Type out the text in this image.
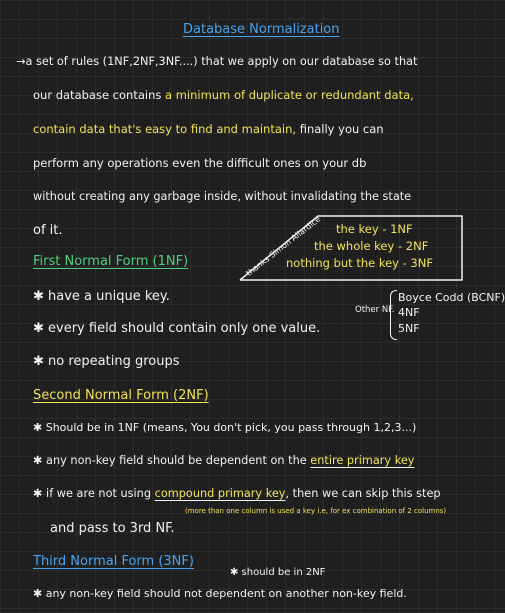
Database Normalization
→a set of rules (1NF,2NF,3NF....) that we apply on our database so that
our database contains a minimum of duplicate or redundant data,
contain data that's easy to find and maintain, finally you can
perform any operations even the difficult ones on your db
without creating any garbage inside, without invalidating the state
of it.	thanks Simon Allardice the key - 1NF
the whole key - 2NF
nothing but the key - 3NF
First Normal Form (1NF)
✱ have a unique key.
✱ every field should contain only one value.
✱ no repeating groups
Other NF.
Boyce Codd (BCNF)
4NF
5NF
Second Normal Form (2NF)
✱ Should be in 1NF (means, You don't pick, you pass through 1,2,3...)
✱ any non-key field should be dependent on the entire primary key
✱ if we are not using compound primary key, then we can skip this step
(more than one column is used a key i.e, for ex combination of 2 columns)
and pass to 3rd NF.
Third Normal Form (3NF)
✱ should be in 2NF
✱ any non-key field should not dependent on another non-key field.
